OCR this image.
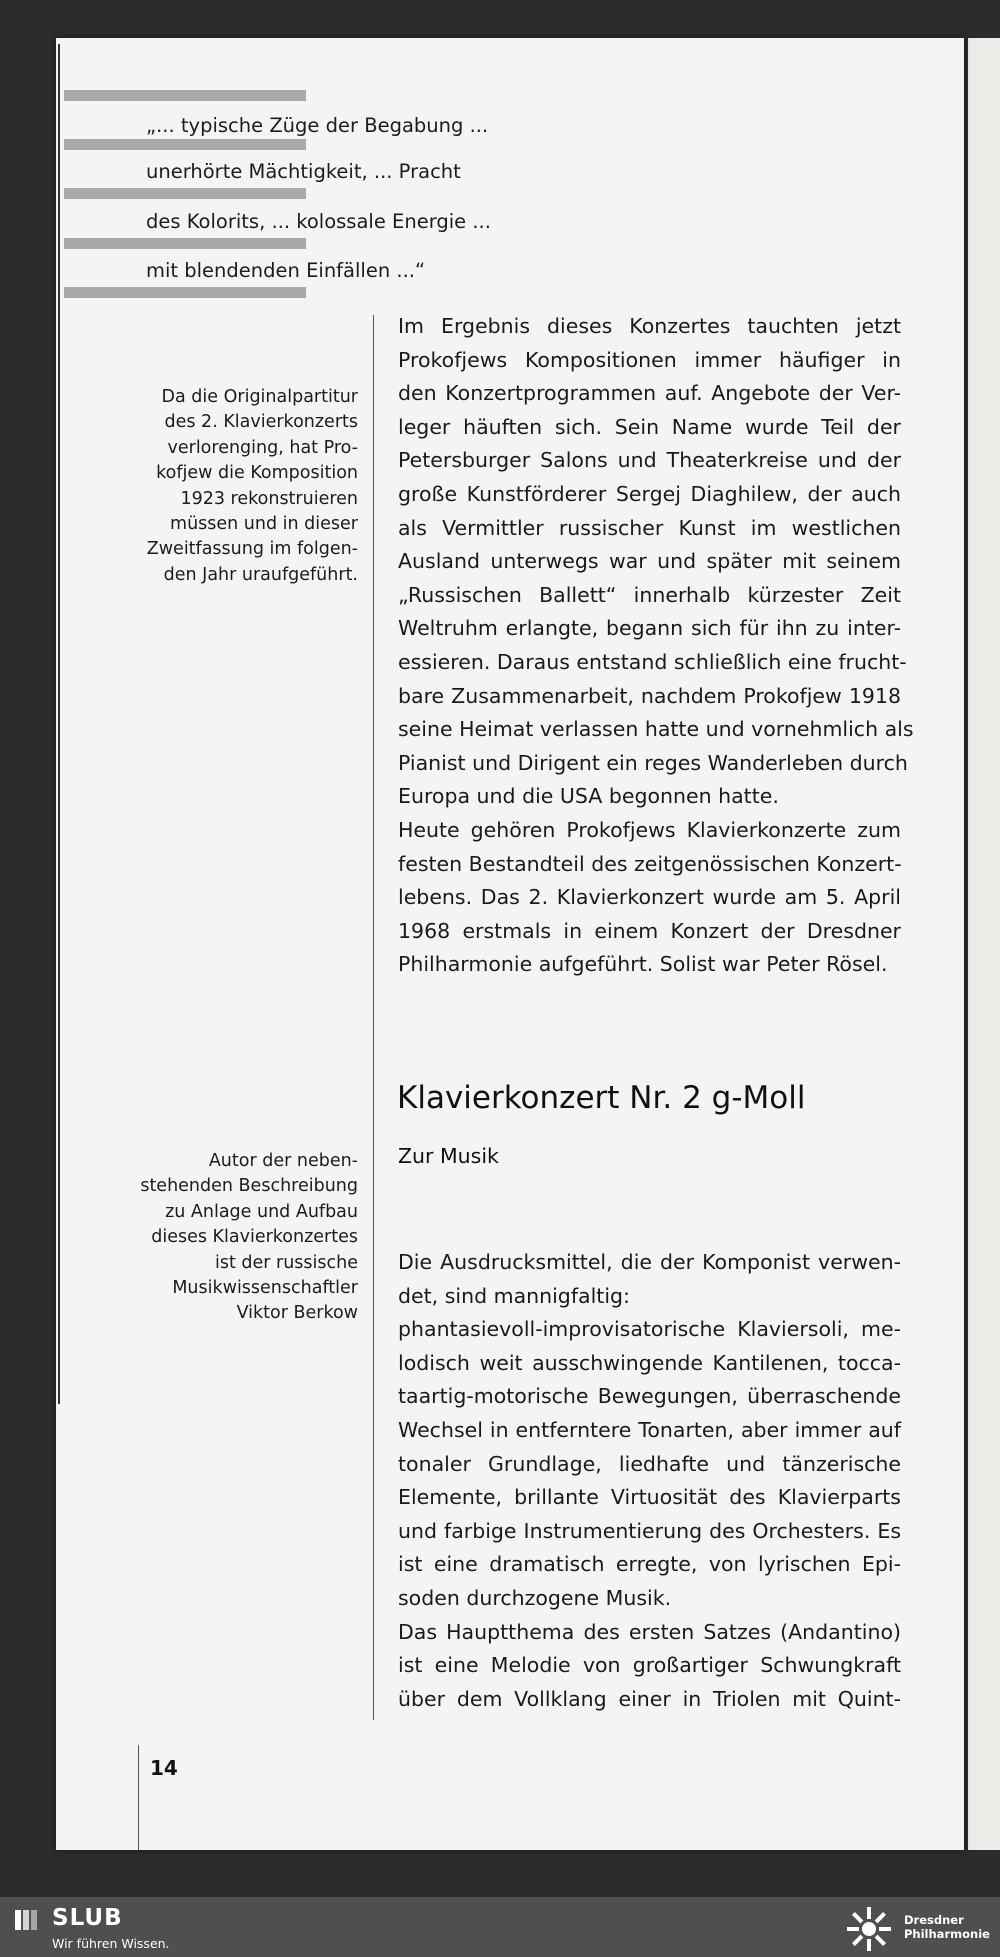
„... typische Züge der Begabung ...
unerhörte Mächtigkeit, ... Pracht
des Kolorits, ... kolossale Energie ...
mit blendenden Einfällen ...“
Da die Originalpartitur
des 2. Klavierkonzerts
verlorenging, hat Pro-
kofjew die Komposition
1923 rekonstruieren
müssen und in dieser
Zweitfassung im folgen-
den Jahr uraufgeführt.
Autor der neben-
stehenden Beschreibung
zu Anlage und Aufbau
dieses Klavierkonzertes
ist der russische
Musikwissenschaftler
Viktor Berkow
Im Ergebnis dieses Konzertes tauchten jetzt
Prokofjews Kompositionen immer häufiger in
den Konzertprogrammen auf. Angebote der Ver-
leger häuften sich. Sein Name wurde Teil der
Petersburger Salons und Theaterkreise und der
große Kunstförderer Sergej Diaghilew, der auch
als Vermittler russischer Kunst im westlichen
Ausland unterwegs war und später mit seinem
„Russischen Ballett“ innerhalb kürzester Zeit
Weltruhm erlangte, begann sich für ihn zu inter-
essieren. Daraus entstand schließlich eine frucht-
bare Zusammenarbeit, nachdem Prokofjew 1918
seine Heimat verlassen hatte und vornehmlich als
Pianist und Dirigent ein reges Wanderleben durch
Europa und die USA begonnen hatte.
Heute gehören Prokofjews Klavierkonzerte zum
festen Bestandteil des zeitgenössischen Konzert-
lebens. Das 2. Klavierkonzert wurde am 5. April
1968 erstmals in einem Konzert der Dresdner
Philharmonie aufgeführt. Solist war Peter Rösel.
Klavierkonzert Nr. 2 g-Moll
Zur Musik
Die Ausdrucksmittel, die der Komponist verwen-
det, sind mannigfaltig:
phantasievoll-improvisatorische Klaviersoli, me-
lodisch weit ausschwingende Kantilenen, tocca-
taartig-motorische Bewegungen, überraschende
Wechsel in entferntere Tonarten, aber immer auf
tonaler Grundlage, liedhafte und tänzerische
Elemente, brillante Virtuosität des Klavierparts
und farbige Instrumentierung des Orchesters. Es
ist eine dramatisch erregte, von lyrischen Epi-
soden durchzogene Musik.
Das Hauptthema des ersten Satzes (Andantino)
ist eine Melodie von großartiger Schwungkraft
über dem Vollklang einer in Triolen mit Quint-
14
SLUB
Wir führen Wissen.
Dresdner
Philharmonie
